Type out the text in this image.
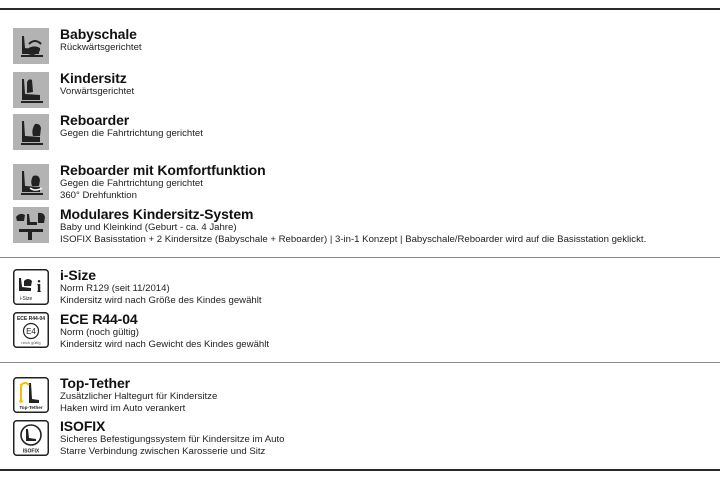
Babyschale
Rückwärtsgerichtet
Kindersitz
Vorwärtsgerichtet
Reboarder
Gegen die Fahrtrichtung gerichtet
Reboarder mit Komfortfunktion
Gegen die Fahrtrichtung gerichtet
360° Drehfunktion
Modulares Kindersitz-System
Baby und Kleinkind (Geburt - ca. 4 Jahre)
ISOFIX Basisstation + 2 Kindersitze (Babyschale + Reboarder) | 3-in-1 Konzept | Babyschale/Reboarder wird auf die Basisstation geklickt.
i
i-Size
i-Size
Norm R129 (seit 11/2014)
Kindersitz wird nach Größe des Kindes gewählt
ECE R44-04
E4
noch gültig
ECE R44-04
Norm (noch gültig)
Kindersitz wird nach Gewicht des Kindes gewählt
Top-Tether
Top-Tether
Zusätzlicher Haltegurt für Kindersitze
Haken wird im Auto verankert
ISOFIX
ISOFIX
Sicheres Befestigungssystem für Kindersitze im Auto
Starre Verbindung zwischen Karosserie und Sitz
